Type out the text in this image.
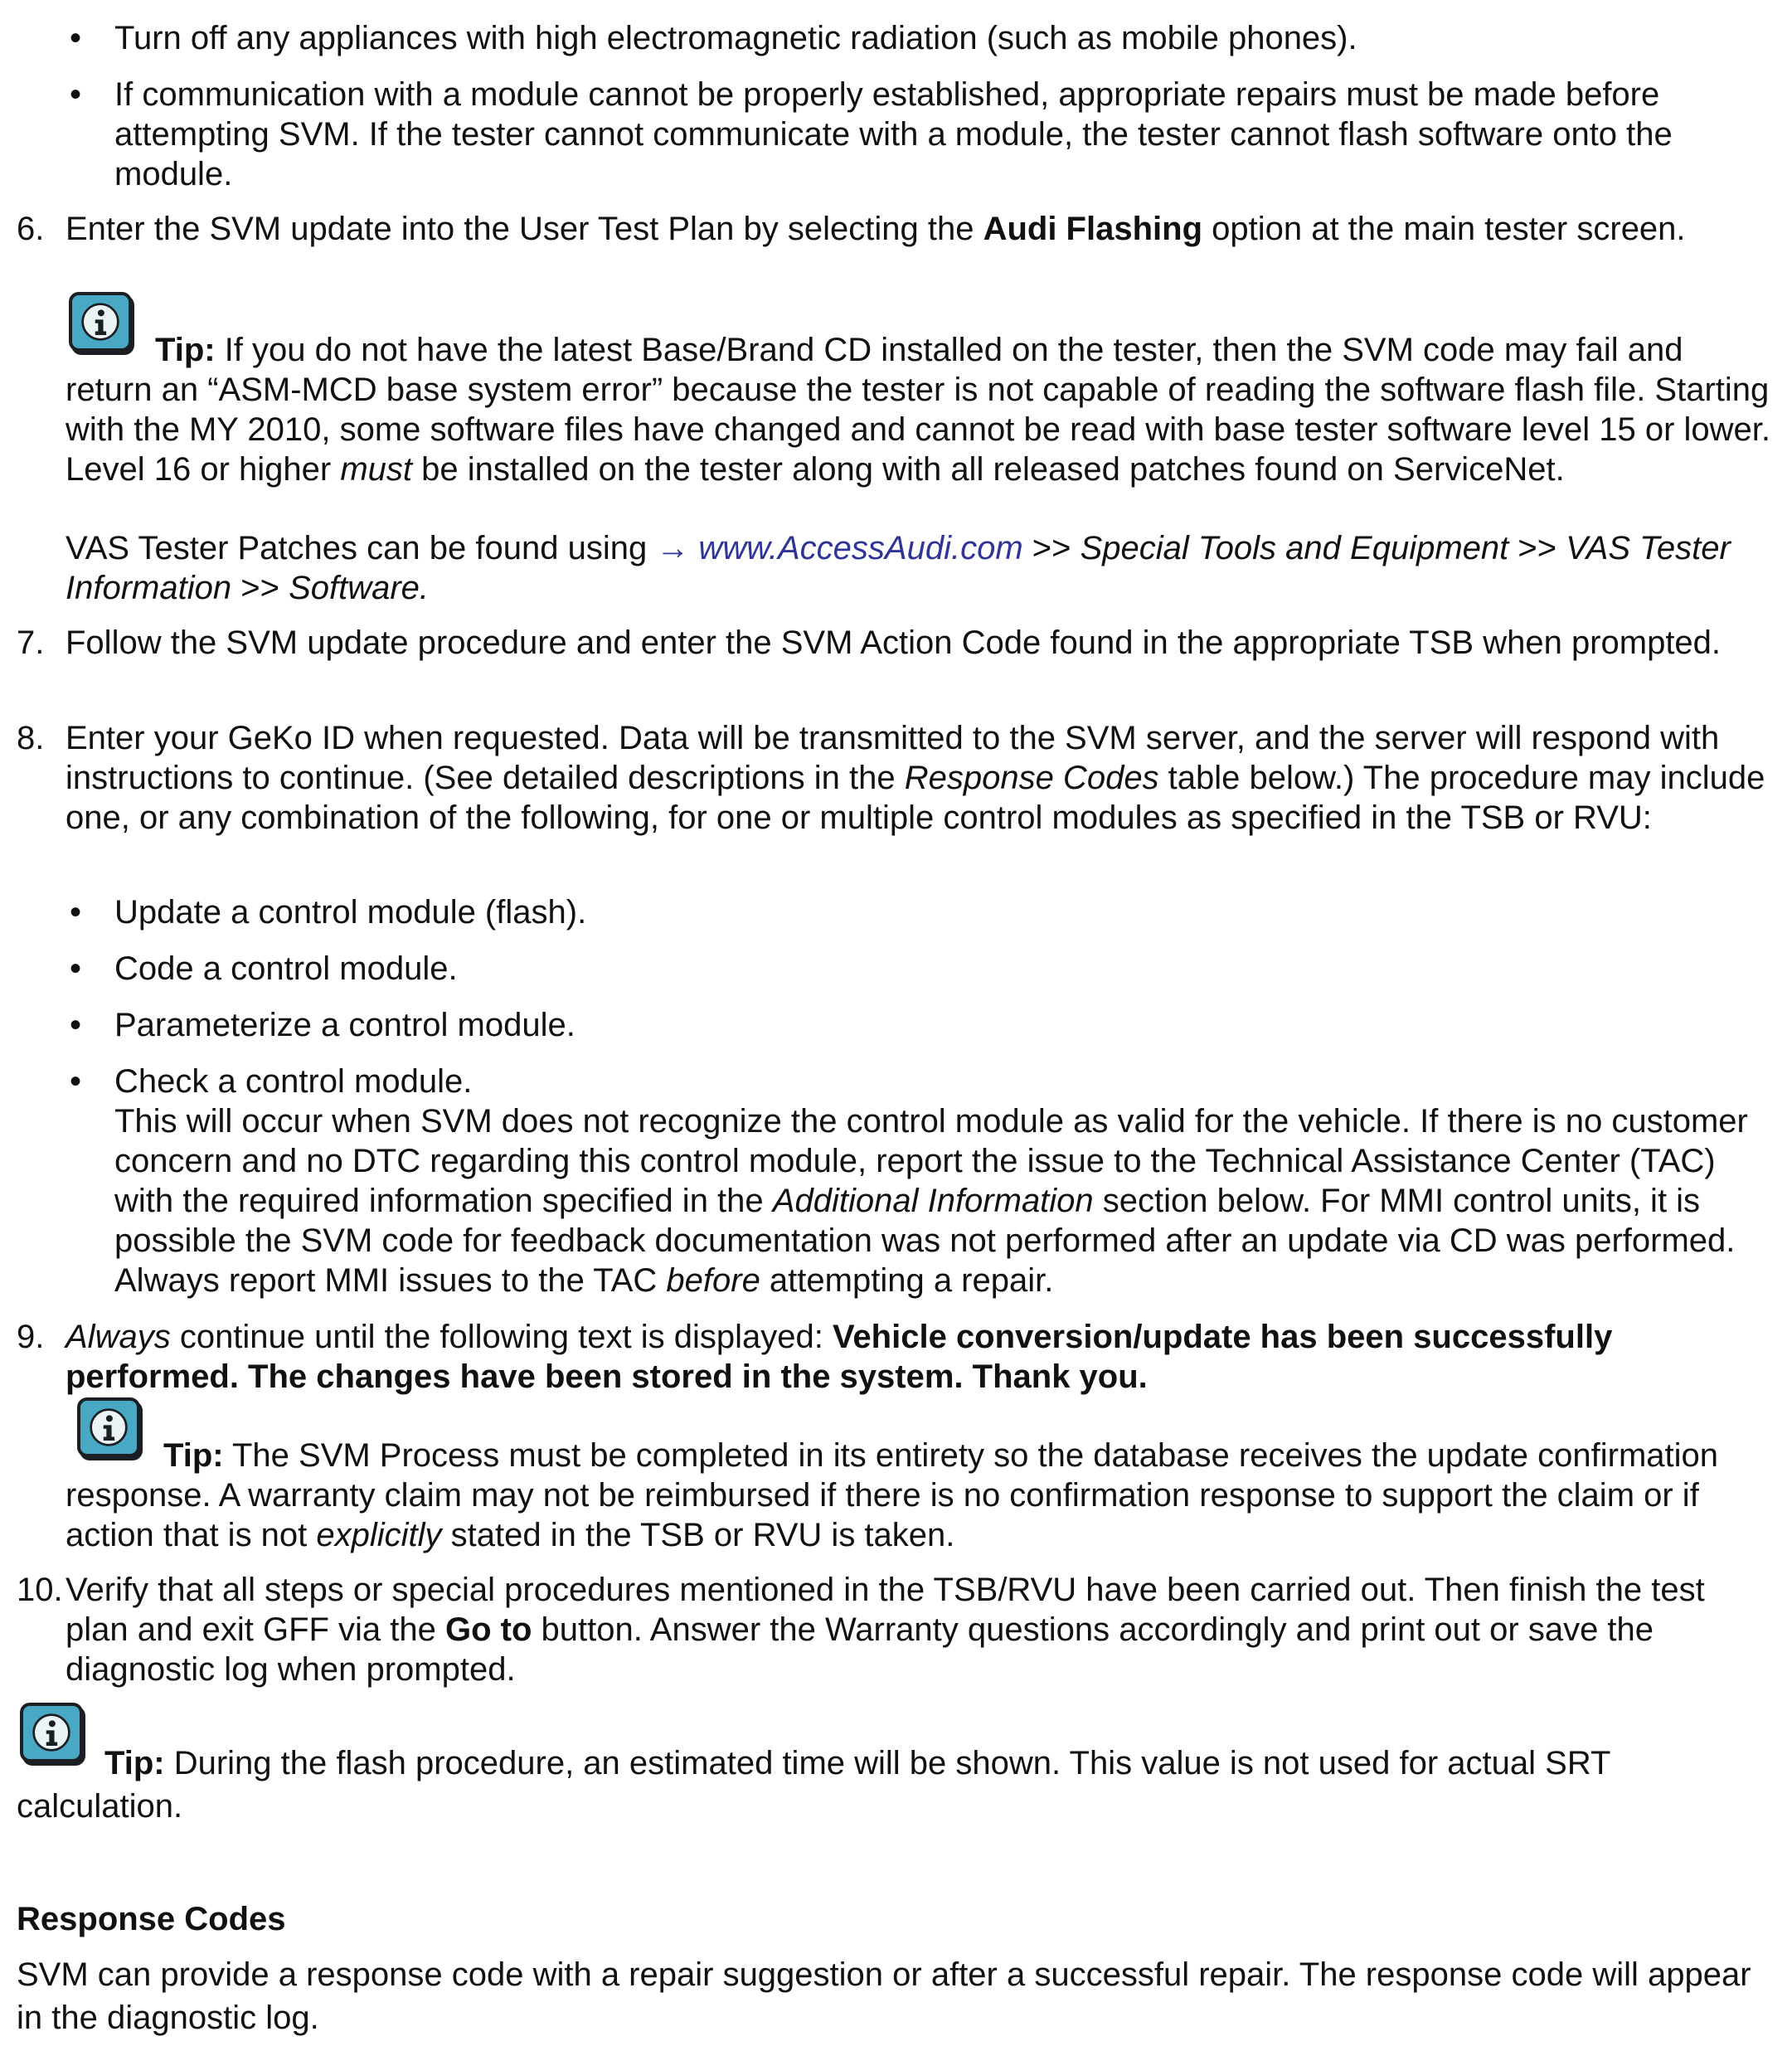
• Turn off any appliances with high electromagnetic radiation (such as mobile phones).

• If communication with a module cannot be properly established, appropriate repairs must be made before attempting SVM. If the tester cannot communicate with a module, the tester cannot flash software onto the module.

6. Enter the SVM update into the User Test Plan by selecting the Audi Flashing option at the main tester screen.

Tip: If you do not have the latest Base/Brand CD installed on the tester, then the SVM code may fail and return an “ASM-MCD base system error” because the tester is not capable of reading the software flash file. Starting with the MY 2010, some software files have changed and cannot be read with base tester software level 15 or lower. Level 16 or higher must be installed on the tester along with all released patches found on ServiceNet.

VAS Tester Patches can be found using → www.AccessAudi.com >> Special Tools and Equipment >> VAS Tester Information >> Software.

7. Follow the SVM update procedure and enter the SVM Action Code found in the appropriate TSB when prompted.

8. Enter your GeKo ID when requested. Data will be transmitted to the SVM server, and the server will respond with instructions to continue. (See detailed descriptions in the Response Codes table below.) The procedure may include one, or any combination of the following, for one or multiple control modules as specified in the TSB or RVU:

• Update a control module (flash).

• Code a control module.

• Parameterize a control module.

• Check a control module.

This will occur when SVM does not recognize the control module as valid for the vehicle. If there is no customer concern and no DTC regarding this control module, report the issue to the Technical Assistance Center (TAC) with the required information specified in the Additional Information section below. For MMI control units, it is possible the SVM code for feedback documentation was not performed after an update via CD was performed. Always report MMI issues to the TAC before attempting a repair.

9. Always continue until the following text is displayed: Vehicle conversion/update has been successfully performed. The changes have been stored in the system. Thank you.

Tip: The SVM Process must be completed in its entirety so the database receives the update confirmation response. A warranty claim may not be reimbursed if there is no confirmation response to support the claim or if action that is not explicitly stated in the TSB or RVU is taken.

10. Verify that all steps or special procedures mentioned in the TSB/RVU have been carried out. Then finish the test plan and exit GFF via the Go to button. Answer the Warranty questions accordingly and print out or save the diagnostic log when prompted.

Tip: During the flash procedure, an estimated time will be shown. This value is not used for actual SRT calculation.

Response Codes

SVM can provide a response code with a repair suggestion or after a successful repair. The response code will appear in the diagnostic log.
